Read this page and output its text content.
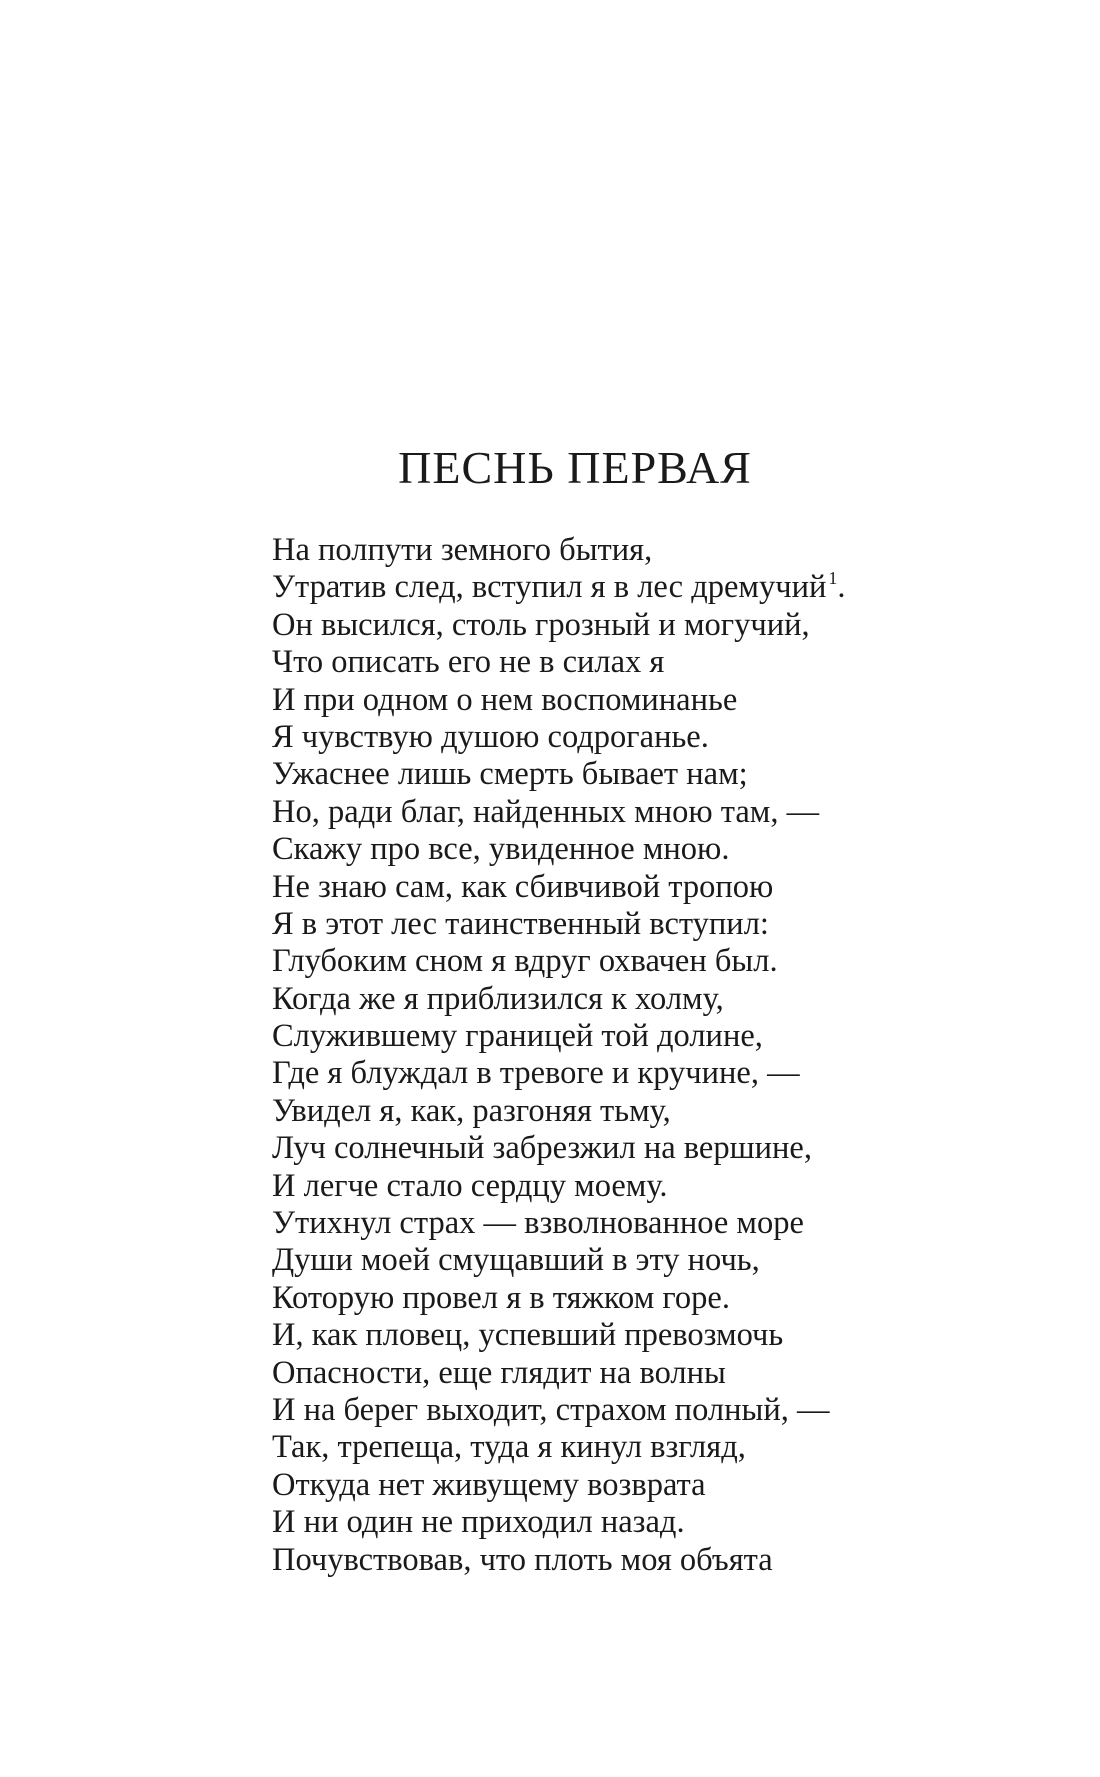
ПЕСНЬ ПЕРВАЯ
На полпути земного бытия,
Утратив след, вступил я в лес дремучий $^1$.
Он высился, столь грозный и могучий,
Что описать его не в силах я
И при одном о нем воспоминанье
Я чувствую душою содроганье.
Ужаснее лишь смерть бывает нам;
Но, ради благ, найденных мною там, —
Скажу про все, увиденное мною.
Не знаю сам, как сбивчивой тропою
Я в этот лес таинственный вступил:
Глубоким сном я вдруг охвачен был.
Когда же я приблизился к холму,
Служившему границей той долине,
Где я блуждал в тревоге и кручине, —
Увидел я, как, разгоняя тьму,
Луч солнечный забрезжил на вершине,
И легче стало сердцу моему.
Утихнул страх — взволнованное море
Души моей смущавший в эту ночь,
Которую провел я в тяжком горе.
И, как пловец, успевший превозмочь
Опасности, еще глядит на волны
И на берег выходит, страхом полный, —
Так, трепеща, туда я кинул взгляд,
Откуда нет живущему возврата
И ни один не приходил назад.
Почувствовав, что плоть моя объята
